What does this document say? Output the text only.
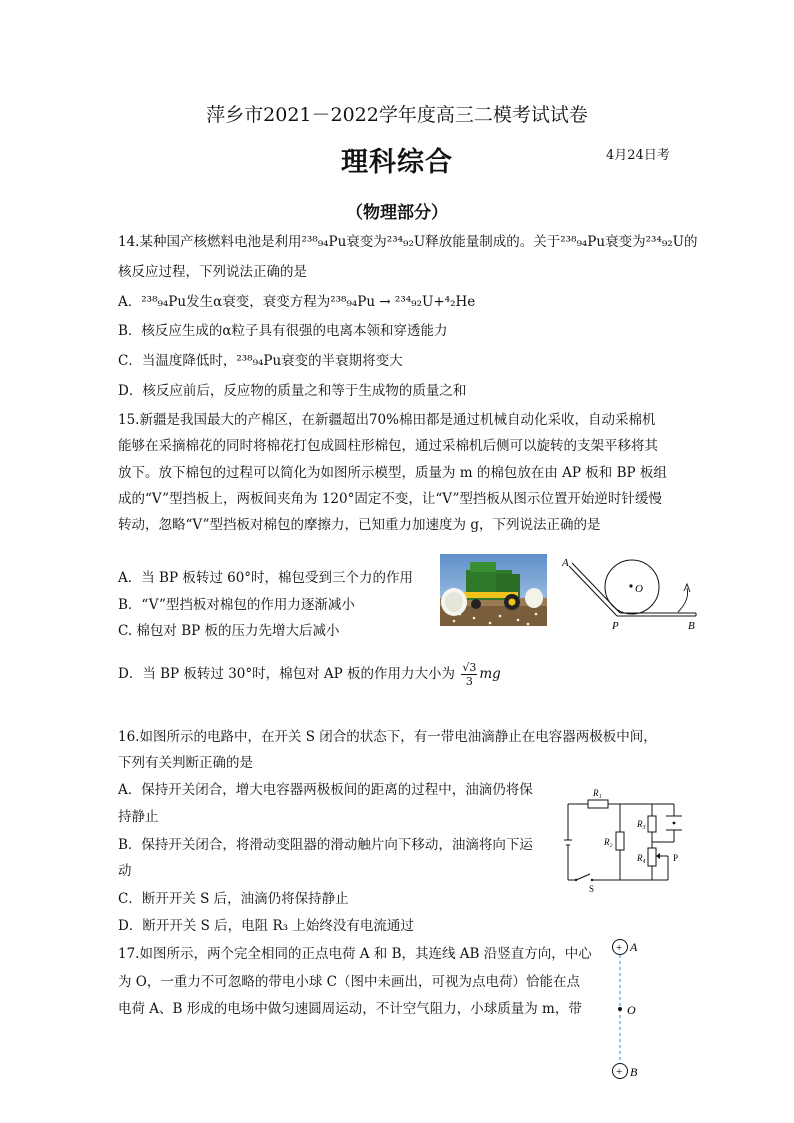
萍乡市2021－2022学年度高三二模考试试卷
理科综合	4月24日考
（物理部分）
14.某种国产核燃料电池是利用²³⁸₉₄Pu衰变为²³⁴₉₂U释放能量制成的。关于²³⁸₉₄Pu衰变为²³⁴₉₂U的
核反应过程，下列说法正确的是
A．²³⁸₉₄Pu发生α衰变，衰变方程为²³⁸₉₄Pu → ²³⁴₉₂U+⁴₂He
B．核反应生成的α粒子具有很强的电离本领和穿透能力
C．当温度降低时，²³⁸₉₄Pu衰变的半衰期将变大
D．核反应前后，反应物的质量之和等于生成物的质量之和
15.新疆是我国最大的产棉区，在新疆超出70%棉田都是通过机械自动化采收，自动采棉机
能够在采摘棉花的同时将棉花打包成圆柱形棉包，通过采棉机后侧可以旋转的支架平移将其
放下。放下棉包的过程可以简化为如图所示模型，质量为 m 的棉包放在由 AP 板和 BP 板组
成的“V”型挡板上，两板间夹角为 120°固定不变，让“V”型挡板从图示位置开始逆时针缓慢
转动，忽略“V”型挡板对棉包的摩擦力，已知重力加速度为 g，下列说法正确的是
A．当 BP 板转过 60°时，棉包受到三个力的作用
B．“V”型挡板对棉包的作用力逐渐减小
C. 棉包对 BP 板的压力先增大后减小
D．当 BP 板转过 30°时，棉包对 AP 板的作用力大小为 $\frac{√3}{3}$ mg
A
O
P	B
16.如图所示的电路中，在开关 S 闭合的状态下，有一带电油滴静止在电容器两极板中间，
下列有关判断正确的是
A．保持开关闭合，增大电容器两极板间的距离的过程中，油滴仍将保
持静止
B．保持开关闭合，将滑动变阻器的滑动触片向下移动，油滴将向下运
动
C．断开开关 S 后，油滴仍将保持静止
D．断开开关 S 后，电阻 R₃ 上始终没有电流通过
R₁
R₂
R₃
R₄	P
S
17.如图所示，两个完全相同的正点电荷 A 和 B，其连线 AB 沿竖直方向，中心
为 O，一重力不可忽略的带电小球 C（图中未画出，可视为点电荷）恰能在点
电荷 A、B 形成的电场中做匀速圆周运动，不计空气阻力，小球质量为 m，带
+
+
A
O
B
